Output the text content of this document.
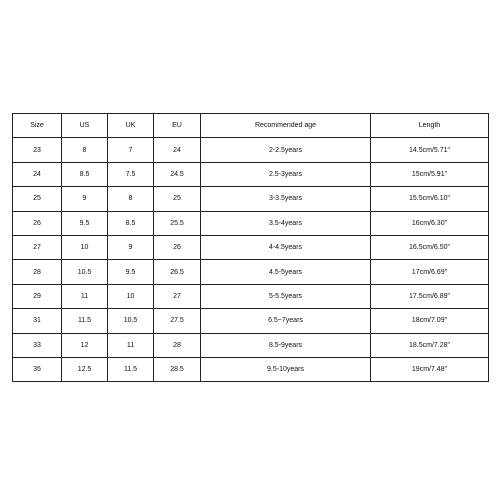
Size	US	UK	EU	Recommended age	Length
23	8	7	24	2-2.5years	14.5cm/5.71"
24	8.5	7.5	24.5	2.5-3years	15cm/5.91"
25	9	8	25	3-3.5years	15.5cm/6.10"
26	9.5	8.5	25.5	3.5-4years	16cm/6.30"
27	10	9	26	4-4.5years	16.5cm/6.50"
28	10.5	9.5	26.5	4.5-5years	17cm/6.69"
29	11	10	27	5-5.5years	17.5cm/6.89"
31	11.5	10.5	27.5	6.5~7years	18cm/7.09"
33	12	11	28	8.5-9years	18.5cm/7.28"
35	12.5	11.5	28.5	9.5-10years	19cm/7.48"
